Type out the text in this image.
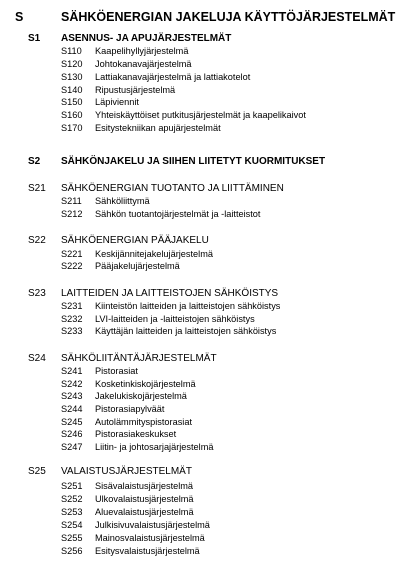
S	SÄHKÖENERGIAN JAKELUJA KÄYTTÖJÄRJESTELMÄT
S1 ASENNUS- JA APUJÄRJESTELMÄT
S110 Kaapelihyllyjärjestelmä
S120 Johtokanavajärjestelmä
S130 Lattiakanavajärjestelmä ja lattiakotelot
S140 Ripustusjärjestelmä
S150 Läpiviennit
S160 Yhteiskäyttöiset putkitusjärjestelmät ja kaapelikaivot
S170 Esitystekniikan apujärjestelmät
S2 SÄHKÖNJAKELU JA SIIHEN LIITETYT KUORMITUKSET
S21 SÄHKÖENERGIAN TUOTANTO JA LIITTÄMINEN
S211 Sähköliittymä
S212 Sähkön tuotantojärjestelmät ja -laitteistot
S22 SÄHKÖENERGIAN PÄÄJAKELU
S221 Keskijännitejakelujärjestelmä
S222 Pääjakelujärjestelmä
S23 LAITTEIDEN JA LAITTEISTOJEN SÄHKÖISTYS
S231 Kiinteistön laitteiden ja laitteistojen sähköistys
S232 LVI-laitteiden ja -laitteistojen sähköistys
S233 Käyttäjän laitteiden ja laitteistojen sähköistys
S24 SÄHKÖLIITÄNTÄJÄRJESTELMÄT
S241 Pistorasiat
S242 Kosketinkiskojärjestelmä
S243 Jakelukiskojärjestelmä
S244 Pistorasiapylväät
S245 Autolämmityspistorasiat
S246 Pistorasiakeskukset
S247 Liitin- ja johtosarjajärjestelmä
S25 VALAISTUSJÄRJESTELMÄT
S251 Sisävalaistusjärjestelmä
S252 Ulkovalaistusjärjestelmä
S253 Aluevalaistusjärjestelmä
S254 Julkisivuvalaistusjärjestelmä
S255 Mainosvalaistusjärjestelmä
S256 Esitysvalaistusjärjestelmä
